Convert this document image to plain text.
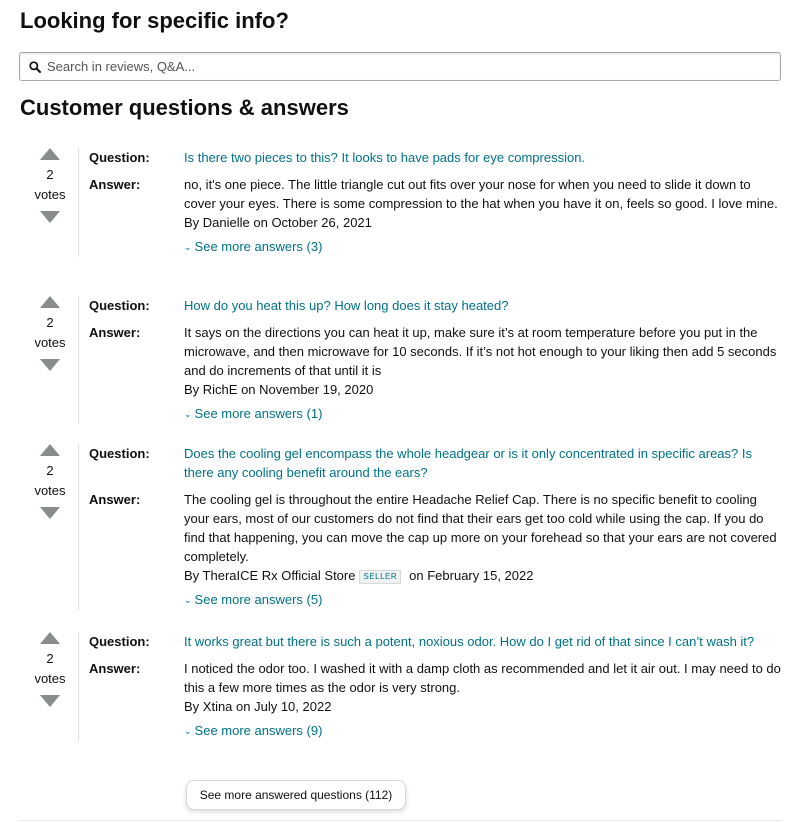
Looking for specific info?
Search in reviews, Q&A...
Customer questions & answers
2
votes
Question:	Is there two pieces to this? It looks to have pads for eye compression.
Answer:	no, it's one piece. The little triangle cut out fits over your nose for when you need to slide it down to cover your eyes. There is some compression to the hat when you have it on, feels so good. I love mine.
By Danielle on October 26, 2021
⌄ See more answers (3)
2
votes
Question:	How do you heat this up? How long does it stay heated?
Answer:	It says on the directions you can heat it up, make sure it’s at room temperature before you put in the microwave, and then microwave for 10 seconds. If it’s not hot enough to your liking then add 5 seconds and do increments of that until it is
By RichE on November 19, 2020
⌄ See more answers (1)
2
votes
Question:	Does the cooling gel encompass the whole headgear or is it only concentrated in specific areas? Is there any cooling benefit around the ears?
Answer:	The cooling gel is throughout the entire Headache Relief Cap. There is no specific benefit to cooling your ears, most of our customers do not find that their ears get too cold while using the cap. If you do find that happening, you can move the cap up more on your forehead so that your ears are not covered completely.
By TheraICE Rx Official Store SELLER on February 15, 2022
⌄ See more answers (5)
2
votes
Question:	It works great but there is such a potent, noxious odor. How do I get rid of that since I can’t wash it?
Answer:	I noticed the odor too. I washed it with a damp cloth as recommended and let it air out. I may need to do this a few more times as the odor is very strong.
By Xtina on July 10, 2022
⌄ See more answers (9)
See more answered questions (112)
